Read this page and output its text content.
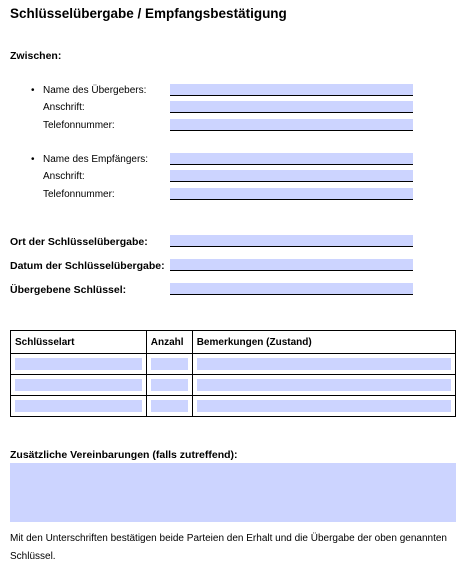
Schlüsselübergabe / Empfangsbestätigung
Zwischen:
• Name des Übergebers:
Anschrift:
Telefonnummer:
• Name des Empfängers:
Anschrift:
Telefonnummer:
Ort der Schlüsselübergabe:
Datum der Schlüsselübergabe:
Übergebene Schlüssel:
Schlüsselart	Anzahl	Bemerkungen (Zustand)

Zusätzliche Vereinbarungen (falls zutreffend):
Mit den Unterschriften bestätigen beide Parteien den Erhalt und die Übergabe der oben genannten Schlüssel.
